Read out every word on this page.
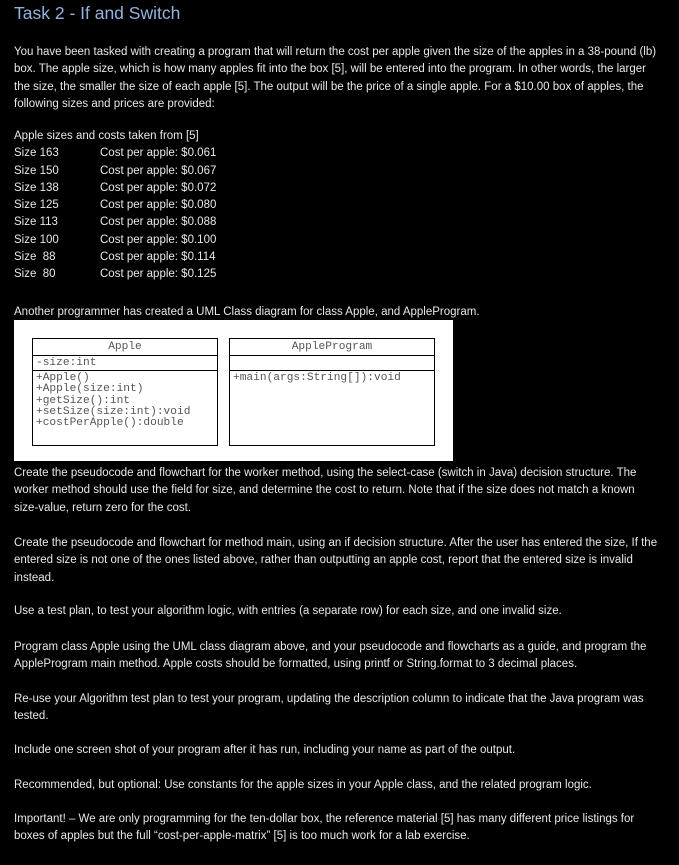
Task 2 - If and Switch
You have been tasked with creating a program that will return the cost per apple given the size of the apples in a 38-pound (lb) box. The apple size, which is how many apples fit into the box [5], will be entered into the program. In other words, the larger the size, the smaller the size of each apple [5]. The output will be the price of a single apple. For a $10.00 box of apples, the following sizes and prices are provided:
Apple sizes and costs taken from [5]
Size 163	Cost per apple: $0.061
Size 150	Cost per apple: $0.067
Size 138	Cost per apple: $0.072
Size 125	Cost per apple: $0.080
Size 113	Cost per apple: $0.088
Size 100	Cost per apple: $0.100
Size  88	Cost per apple: $0.114
Size  80	Cost per apple: $0.125
Another programmer has created a UML Class diagram for class Apple, and AppleProgram.
Apple
-size:int
+Apple()
+Apple(size:int)
+getSize():int
+setSize(size:int):void
+costPerApple():double
AppleProgram
+main(args:String[]):void
Create the pseudocode and flowchart for the worker method, using the select-case (switch in Java) decision structure. The worker method should use the field for size, and determine the cost to return. Note that if the size does not match a known size-value, return zero for the cost.
Create the pseudocode and flowchart for method main, using an if decision structure. After the user has entered the size, If the entered size is not one of the ones listed above, rather than outputting an apple cost, report that the entered size is invalid instead.
Use a test plan, to test your algorithm logic, with entries (a separate row) for each size, and one invalid size.
Program class Apple using the UML class diagram above, and your pseudocode and flowcharts as a guide, and program the AppleProgram main method. Apple costs should be formatted, using printf or String.format to 3 decimal places.
Re-use your Algorithm test plan to test your program, updating the description column to indicate that the Java program was tested.
Include one screen shot of your program after it has run, including your name as part of the output.
Recommended, but optional: Use constants for the apple sizes in your Apple class, and the related program logic.
Important! – We are only programming for the ten-dollar box, the reference material [5] has many different price listings for boxes of apples but the full “cost-per-apple-matrix” [5] is too much work for a lab exercise.
